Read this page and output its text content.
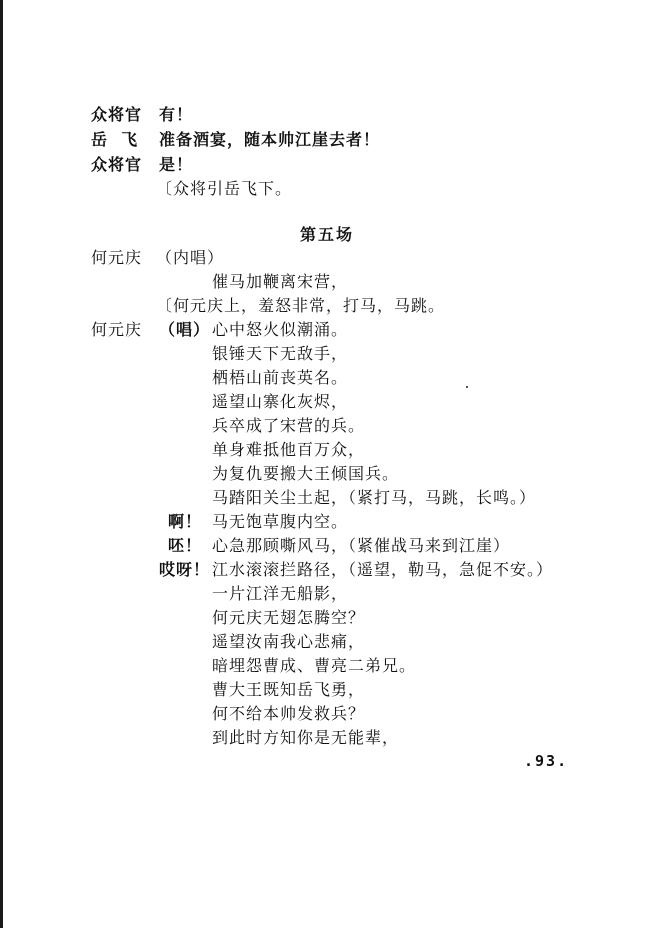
众将官 有！
岳  飞 准备酒宴，随本帅江崖去者！
众将官 是！
〔众将引岳飞下。
第五场
何元庆 （内唱）
催马加鞭离宋营，
〔何元庆上，羞怒非常，打马，马跳。
何元庆 （唱） 心中怒火似潮涌。
银锤天下无敌手，
栖梧山前丧英名。
遥望山寨化灰烬，
兵卒成了宋营的兵。
单身难抵他百万众，
为复仇要搬大王倾国兵。
马踏阳关尘土起，（紧打马，马跳，长鸣。）
啊！ 马无饱草腹内空。
呸！ 心急那顾嘶风马，（紧催战马来到江崖）
哎呀！ 江水滚滚拦路径，（遥望，勒马，急促不安。）
一片江洋无船影，
何元庆无翅怎腾空？
遥望汝南我心悲痛，
暗埋怨曹成、曹亮二弟兄。
曹大王既知岳飞勇，
何不给本帅发救兵？
到此时方知你是无能辈，
.93.
